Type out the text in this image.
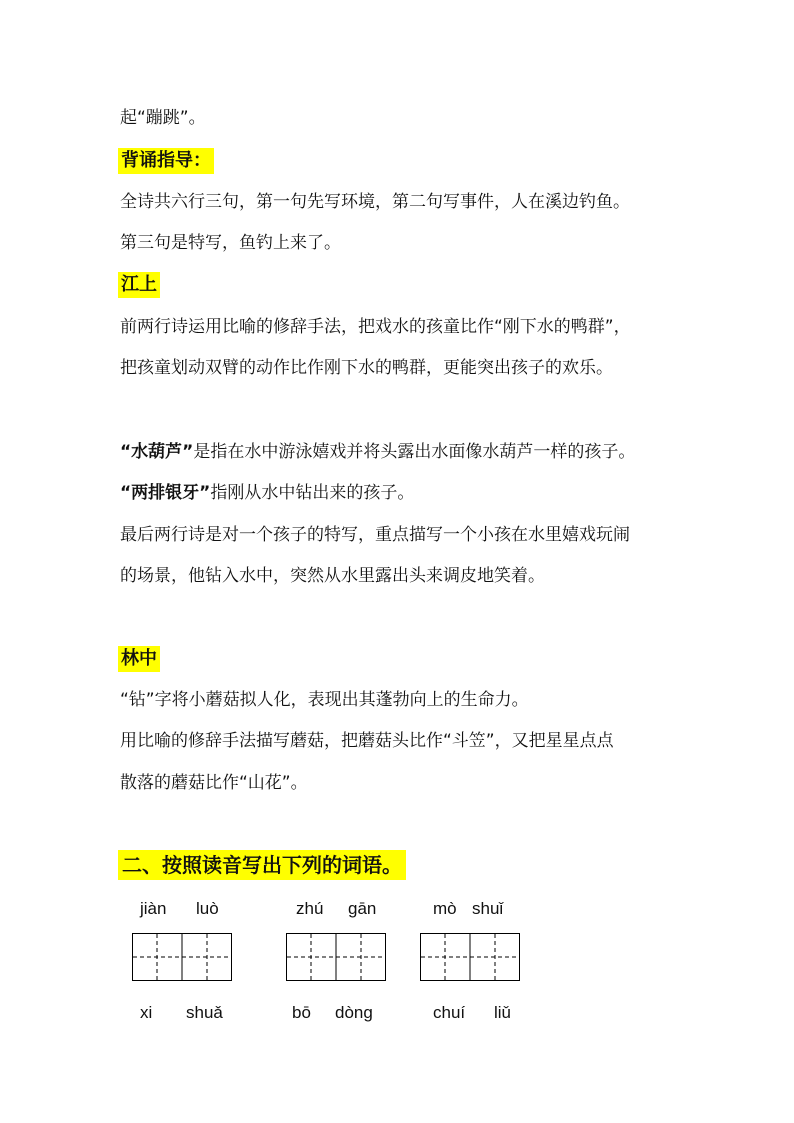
起“蹦跳”。
背诵指导：
全诗共六行三句，第一句先写环境，第二句写事件，人在溪边钓鱼。
第三句是特写，鱼钓上来了。
江上
前两行诗运用比喻的修辞手法，把戏水的孩童比作“刚下水的鸭群”，
把孩童划动双臂的动作比作刚下水的鸭群，更能突出孩子的欢乐。
“水葫芦”是指在水中游泳嬉戏并将头露出水面像水葫芦一样的孩子。
“两排银牙”指刚从水中钻出来的孩子。
最后两行诗是对一个孩子的特写，重点描写一个小孩在水里嬉戏玩闹
的场景，他钻入水中，突然从水里露出头来调皮地笑着。
林中
“钻”字将小蘑菇拟人化，表现出其蓬勃向上的生命力。
用比喻的修辞手法描写蘑菇，把蘑菇头比作“斗笠”，又把星星点点
散落的蘑菇比作“山花”。
二、按照读音写出下列的词语。
jiàn luò	zhú gān	mò shuǐ
xi shuǎ	bō dòng	chuí liǔ
